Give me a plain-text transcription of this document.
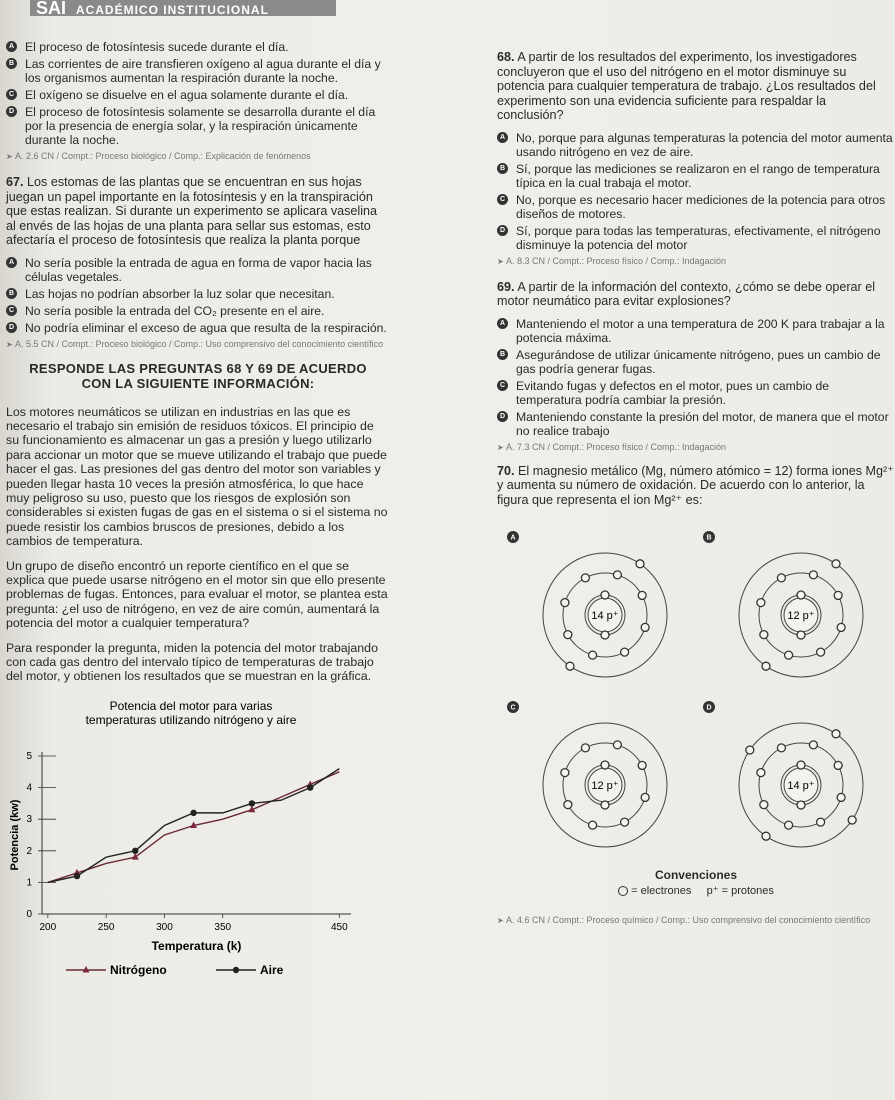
SAI ACADÉMICO INSTITUCIONAL
A El proceso de fotosíntesis sucede durante el día.
B Las corrientes de aire transfieren oxígeno al agua durante el día y los organismos aumentan la respiración durante la noche.
C El oxígeno se disuelve en el agua solamente durante el día.
D El proceso de fotosíntesis solamente se desarrolla durante el día por la presencia de energía solar, y la respiración únicamente durante la noche.
➤ A. 2.6 CN / Compt.: Proceso biológico / Comp.: Explicación de fenómenos
67. Los estomas de las plantas que se encuentran en sus hojas juegan un papel importante en la fotosíntesis y en la transpiración que estas realizan. Si durante un experimento se aplicara vaselina al envés de las hojas de una planta para sellar sus estomas, esto afectaría el proceso de fotosíntesis que realiza la planta porque
A No sería posible la entrada de agua en forma de vapor hacia las células vegetales.
B Las hojas no podrían absorber la luz solar que necesitan.
C No sería posible la entrada del CO₂ presente en el aire.
D No podría eliminar el exceso de agua que resulta de la respiración.
➤ A. 5.5 CN / Compt.: Proceso biológico / Comp.: Uso comprensivo del conocimiento científico
RESPONDE LAS PREGUNTAS 68 Y 69 DE ACUERDO
CON LA SIGUIENTE INFORMACIÓN:
Los motores neumáticos se utilizan en industrias en las que es necesario el trabajo sin emisión de residuos tóxicos. El principio de su funcionamiento es almacenar un gas a presión y luego utilizarlo para accionar un motor que se mueve utilizando el trabajo que puede hacer el gas. Las presiones del gas dentro del motor son variables y pueden llegar hasta 10 veces la presión atmosférica, lo que hace muy peligroso su uso, puesto que los riesgos de explosión son considerables si existen fugas de gas en el sistema o si el sistema no puede resistir los cambios bruscos de presiones, debido a los cambios de temperatura.
Un grupo de diseño encontró un reporte científico en el que se explica que puede usarse nitrógeno en el motor sin que ello presente problemas de fugas. Entonces, para evaluar el motor, se plantea esta pregunta: ¿el uso de nitrógeno, en vez de aire común, aumentará la potencia del motor a cualquier temperatura?
Para responder la pregunta, miden la potencia del motor trabajando con cada gas dentro del intervalo típico de temperaturas de trabajo del motor, y obtienen los resultados que se muestran en la gráfica.
Potencia del motor para varias
temperaturas utilizando nitrógeno y aire
0
1
2
3
4
5
200	250	300	350	450
Potencia (kw)
Temperatura (k)
Nitrógeno	Aire
68. A partir de los resultados del experimento, los investigadores concluyeron que el uso del nitrógeno en el motor disminuye su potencia para cualquier temperatura de trabajo. ¿Los resultados del experimento son una evidencia suficiente para respaldar la conclusión?
A No, porque para algunas temperaturas la potencia del motor aumenta usando nitrógeno en vez de aire.
B Sí, porque las mediciones se realizaron en el rango de temperatura típica en la cual trabaja el motor.
C No, porque es necesario hacer mediciones de la potencia para otros diseños de motores.
D Sí, porque para todas las temperaturas, efectivamente, el nitrógeno disminuye la potencia del motor
➤ A. 8.3 CN / Compt.: Proceso físico / Comp.: Indagación
69. A partir de la información del contexto, ¿cómo se debe operar el motor neumático para evitar explosiones?
A Manteniendo el motor a una temperatura de 200 K para trabajar a la potencia máxima.
B Asegurándose de utilizar únicamente nitrógeno, pues un cambio de gas podría generar fugas.
C Evitando fugas y defectos en el motor, pues un cambio de temperatura podría cambiar la presión.
D Manteniendo constante la presión del motor, de manera que el motor no realice trabajo
➤ A. 7.3 CN / Compt.: Proceso físico / Comp.: Indagación
70. El magnesio metálico (Mg, número atómico = 12) forma iones Mg²⁺ y aumenta su número de oxidación. De acuerdo con lo anterior, la figura que representa el ion Mg²⁺ es:
A
14 p⁺
B
12 p⁺
C
12 p⁺
D
14 p⁺
Convenciones
= electrones p⁺ = protones
➤ A. 4.6 CN / Compt.: Proceso químico / Comp.: Uso comprensivo del conocimiento científico
